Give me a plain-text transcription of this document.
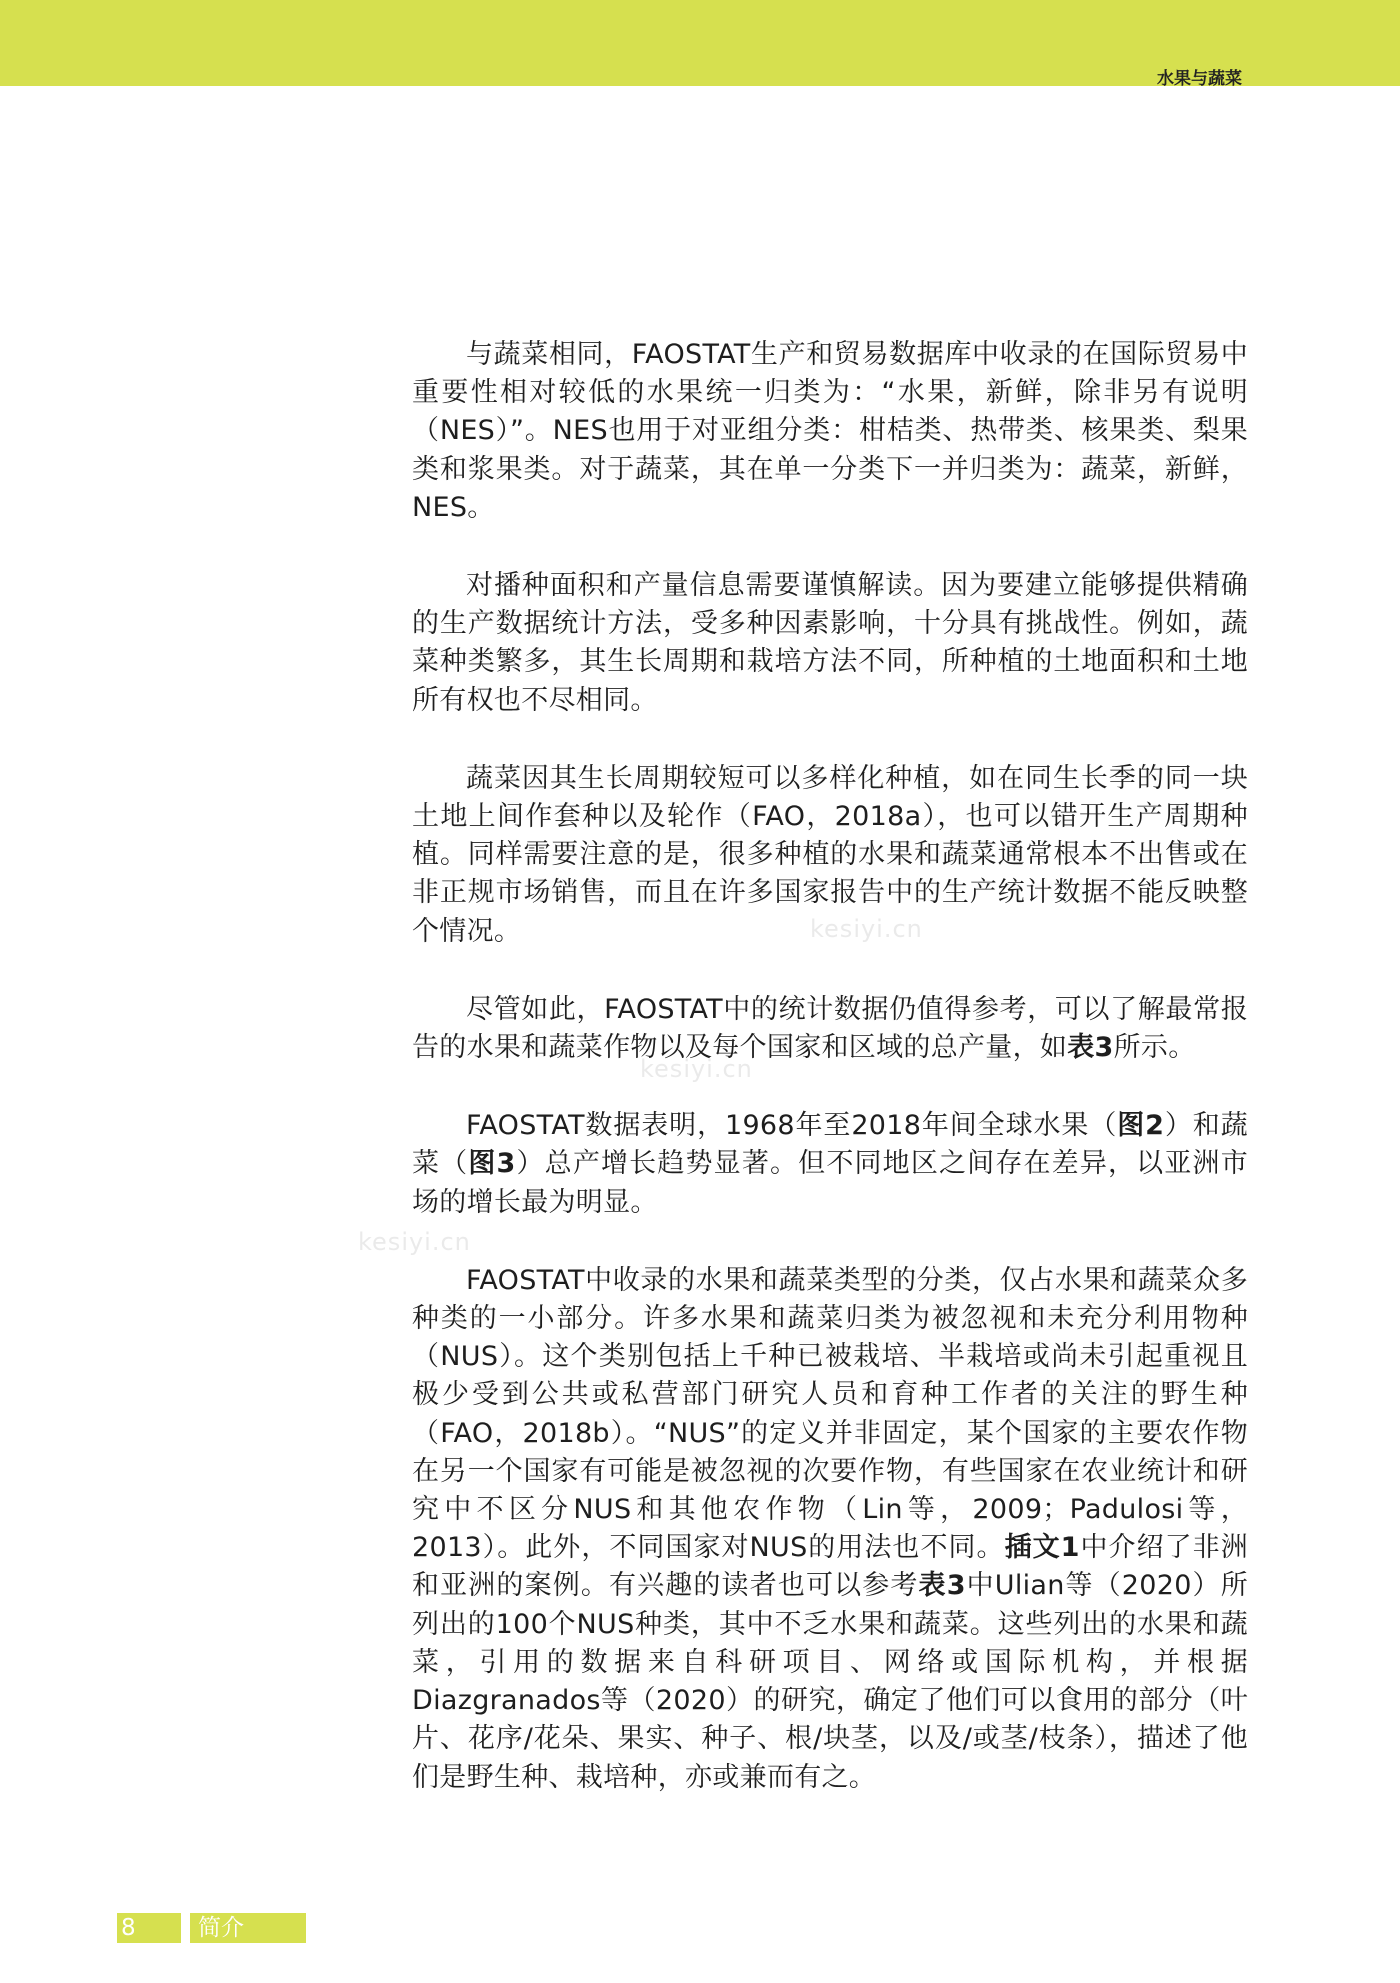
水果与蔬菜
kesiyi.cn
kesiyi.cn
kesiyi.cn

与蔬菜相同，FAOSTAT生产和贸易数据库中收录的在国际贸易中重要性相对较低的水果统一归类为：“水果，新鲜，除非另有说明（NES）”。NES也用于对亚组分类：柑桔类、热带类、核果类、梨果类和浆果类。对于蔬菜，其在单一分类下一并归类为：蔬菜，新鲜，NES。

对播种面积和产量信息需要谨慎解读。因为要建立能够提供精确的生产数据统计方法，受多种因素影响，十分具有挑战性。例如，蔬菜种类繁多，其生长周期和栽培方法不同，所种植的土地面积和土地所有权也不尽相同。

蔬菜因其生长周期较短可以多样化种植，如在同生长季的同一块土地上间作套种以及轮作（FAO，2018a），也可以错开生产周期种植。同样需要注意的是，很多种植的水果和蔬菜通常根本不出售或在非正规市场销售，而且在许多国家报告中的生产统计数据不能反映整个情况。

尽管如此，FAOSTAT中的统计数据仍值得参考，可以了解最常报告的水果和蔬菜作物以及每个国家和区域的总产量，如表3所示。

FAOSTAT数据表明，1968年至2018年间全球水果（图2）和蔬菜（图3）总产增长趋势显著。但不同地区之间存在差异，以亚洲市场的增长最为明显。

FAOSTAT中收录的水果和蔬菜类型的分类，仅占水果和蔬菜众多种类的一小部分。许多水果和蔬菜归类为被忽视和未充分利用物种（NUS）。这个类别包括上千种已被栽培、半栽培或尚未引起重视且极少受到公共或私营部门研究人员和育种工作者的关注的野生种（FAO，2018b）。“NUS”的定义并非固定，某个国家的主要农作物在另一个国家有可能是被忽视的次要作物，有些国家在农业统计和研究中不区分NUS和其他农作物（Lin等，2009；Padulosi等，2013）。此外，不同国家对NUS的用法也不同。插文1中介绍了非洲和亚洲的案例。有兴趣的读者也可以参考表3中Ulian等（2020）所列出的100个NUS种类，其中不乏水果和蔬菜。这些列出的水果和蔬菜，引用的数据来自科研项目、网络或国际机构，并根据Diazgranados等（2020）的研究，确定了他们可以食用的部分（叶片、花序/花朵、果实、种子、根/块茎，以及/或茎/枝条），描述了他们是野生种、栽培种，亦或兼而有之。

8	简介
